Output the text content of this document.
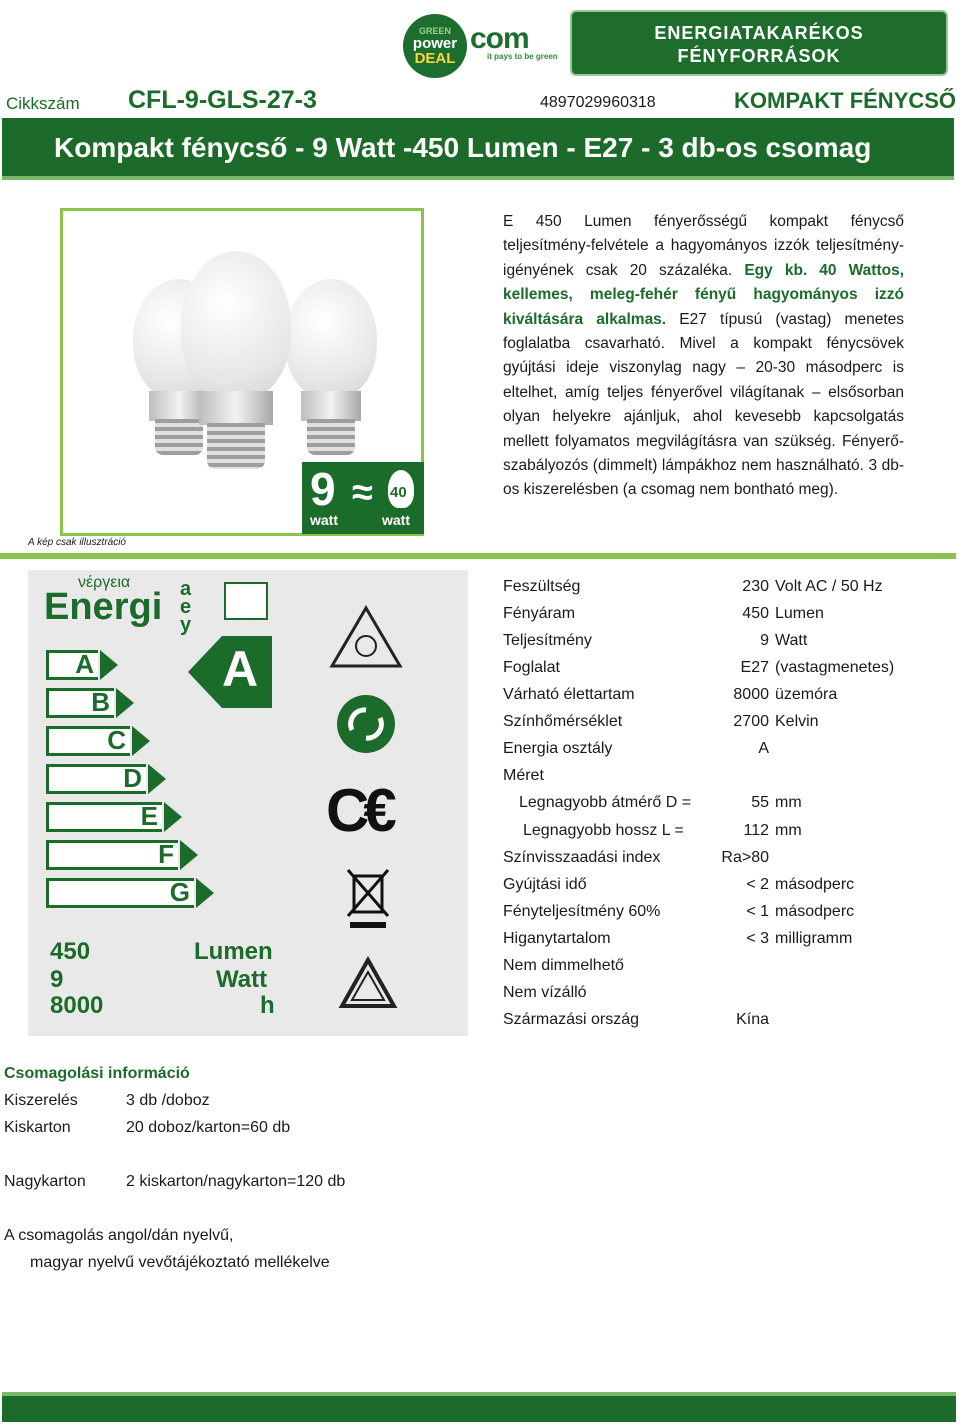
GREEN
power
DEAL
com
it pays to be green
ENERGIATAKARÉKOS
FÉNYFORRÁSOK
Cikkszám CFL-9-GLS-27-3	4897029960318	KOMPAKT FÉNYCSŐ
Kompakt fénycső - 9 Watt -450 Lumen - E27 - 3 db-os csomag
9
watt
≈ 40
watt
A kép csak illusztráció
E 450 Lumen fényerősségű kompakt fénycső teljesítmény-felvétele a hagyományos izzók teljesítmény-igényének csak 20 százaléka. Egy kb. 40 Wattos, kellemes, meleg-fehér fényű hagyományos izzó kiváltására alkalmas. E27 típusú (vastag) menetes foglalatba csavarható. Mivel a kompakt fénycsövek gyújtási ideje viszonylag nagy – 20-30 másodperc is eltelhet, amíg teljes fényerővel világítanak – elsősorban olyan helyekre ajánljuk, ahol kevesebb kapcsolgatás mellett folyamatos megvilágításra van szükség. Fényerő-szabályozós (dimmelt) lámpákhoz nem használható. 3 db-os kiszerelésben (a csomag nem bontható meg).
νέργεια
Energi aey
A
B
C
D
E
F
G
A
450	Lumen
9	Watt
8000	h
C€
Feszültség	230 Volt AC / 50 Hz
Fényáram	450 Lumen
Teljesítmény	9 Watt
Foglalat	E27 (vastagmenetes)
Várható élettartam	8000 üzemóra
Színhőmérséklet	2700 Kelvin
Energia osztály	A
Méret
Legnagyobb átmérő D =	55 mm
Legnagyobb hossz L =	112 mm
Színvisszaadási index	Ra>80
Gyújtási idő	< 2 másodperc
Fényteljesítmény 60%	< 1 másodperc
Higanytartalom	< 3 milligramm
Nem dimmelhető
Nem vízálló
Származási ország	Kína
Csomagolási információ
Kiszerelés	3 db /doboz
Kiskarton	20 doboz/karton=60 db
Nagykarton	2 kiskarton/nagykarton=120 db
A csomagolás angol/dán nyelvű,
magyar nyelvű vevőtájékoztató mellékelve
